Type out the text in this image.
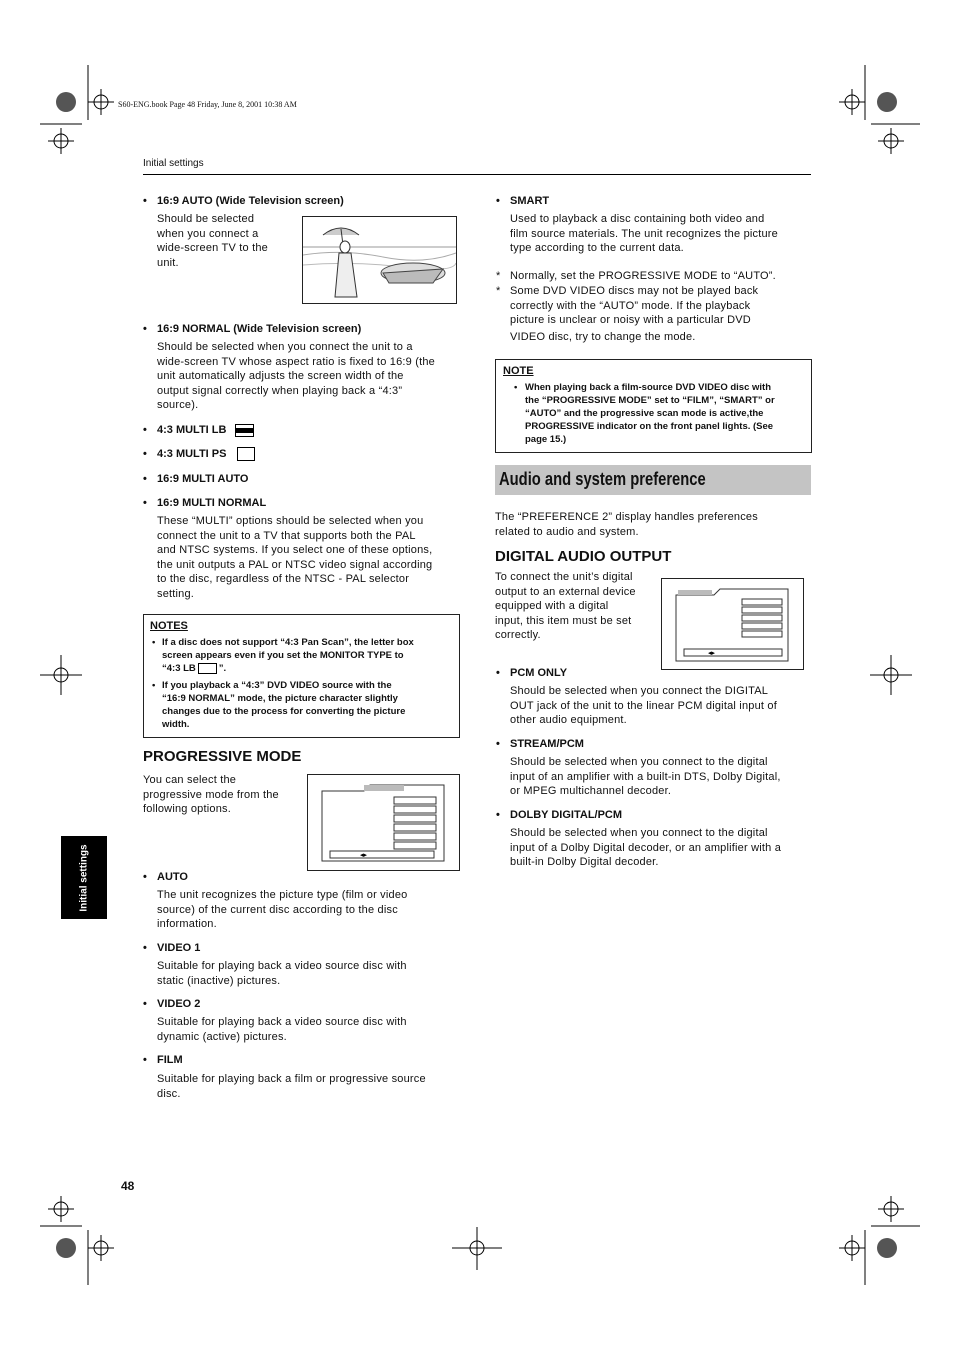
S60-ENG.book Page 48 Friday, June 8, 2001 10:38 AM
Initial settings
Initial settings
48
• 16:9 AUTO (Wide Television screen)
Should be selected
when you connect a
wide-screen TV to the
unit.
• 16:9 NORMAL (Wide Television screen)
Should be selected when you connect the unit to a
wide-screen TV whose aspect ratio is fixed to 16:9 (the
unit automatically adjusts the screen width of the
output signal correctly when playing back a “4:3”
source).
• 4:3 MULTI LB
• 4:3 MULTI PS
• 16:9 MULTI AUTO
• 16:9 MULTI NORMAL
These “MULTI” options should be selected when you
connect the unit to a TV that supports both the PAL
and NTSC systems. If you select one of these options,
the unit outputs a PAL or NTSC video signal according
to the disc, regardless of the NTSC - PAL selector
setting.
NOTES
• If a disc does not support “4:3 Pan Scan”, the letter box
screen appears even if you set the MONITOR TYPE to
“4:3 LB ”.
• If you playback a “4:3” DVD VIDEO source with the
“16:9 NORMAL” mode, the picture character slightly
changes due to the process for converting the picture
width.
PROGRESSIVE MODE
You can select the
progressive mode from the
following options.
◂▸
• AUTO
The unit recognizes the picture type (film or video
source) of the current disc according to the disc
information.
• VIDEO 1
Suitable for playing back a video source disc with
static (inactive) pictures.
• VIDEO 2
Suitable for playing back a video source disc with
dynamic (active) pictures.
• FILM
Suitable for playing back a film or progressive source
disc.
• SMART
Used to playback a disc containing both video and
film source materials. The unit recognizes the picture
type according to the current data.
* Normally, set the PROGRESSIVE MODE to “AUTO”.
* Some DVD VIDEO discs may not be played back
correctly with the “AUTO” mode. If the playback
picture is unclear or noisy with a particular DVD
VIDEO disc, try to change the mode.
NOTE
• When playing back a film-source DVD VIDEO disc with
the “PROGRESSIVE MODE” set to “FILM”, “SMART” or
“AUTO” and the progressive scan mode is active,the
PROGRESSIVE indicator on the front panel lights. (See
page 15.)
Audio and system preference
The “PREFERENCE 2” display handles preferences
related to audio and system.
DIGITAL AUDIO OUTPUT
To connect the unit’s digital
output to an external device
equipped with a digital
input, this item must be set
correctly.
◂▸
• PCM ONLY
Should be selected when you connect the DIGITAL
OUT jack of the unit to the linear PCM digital input of
other audio equipment.
• STREAM/PCM
Should be selected when you connect to the digital
input of an amplifier with a built-in DTS, Dolby Digital,
or MPEG multichannel decoder.
• DOLBY DIGITAL/PCM
Should be selected when you connect to the digital
input of a Dolby Digital decoder, or an amplifier with a
built-in Dolby Digital decoder.
